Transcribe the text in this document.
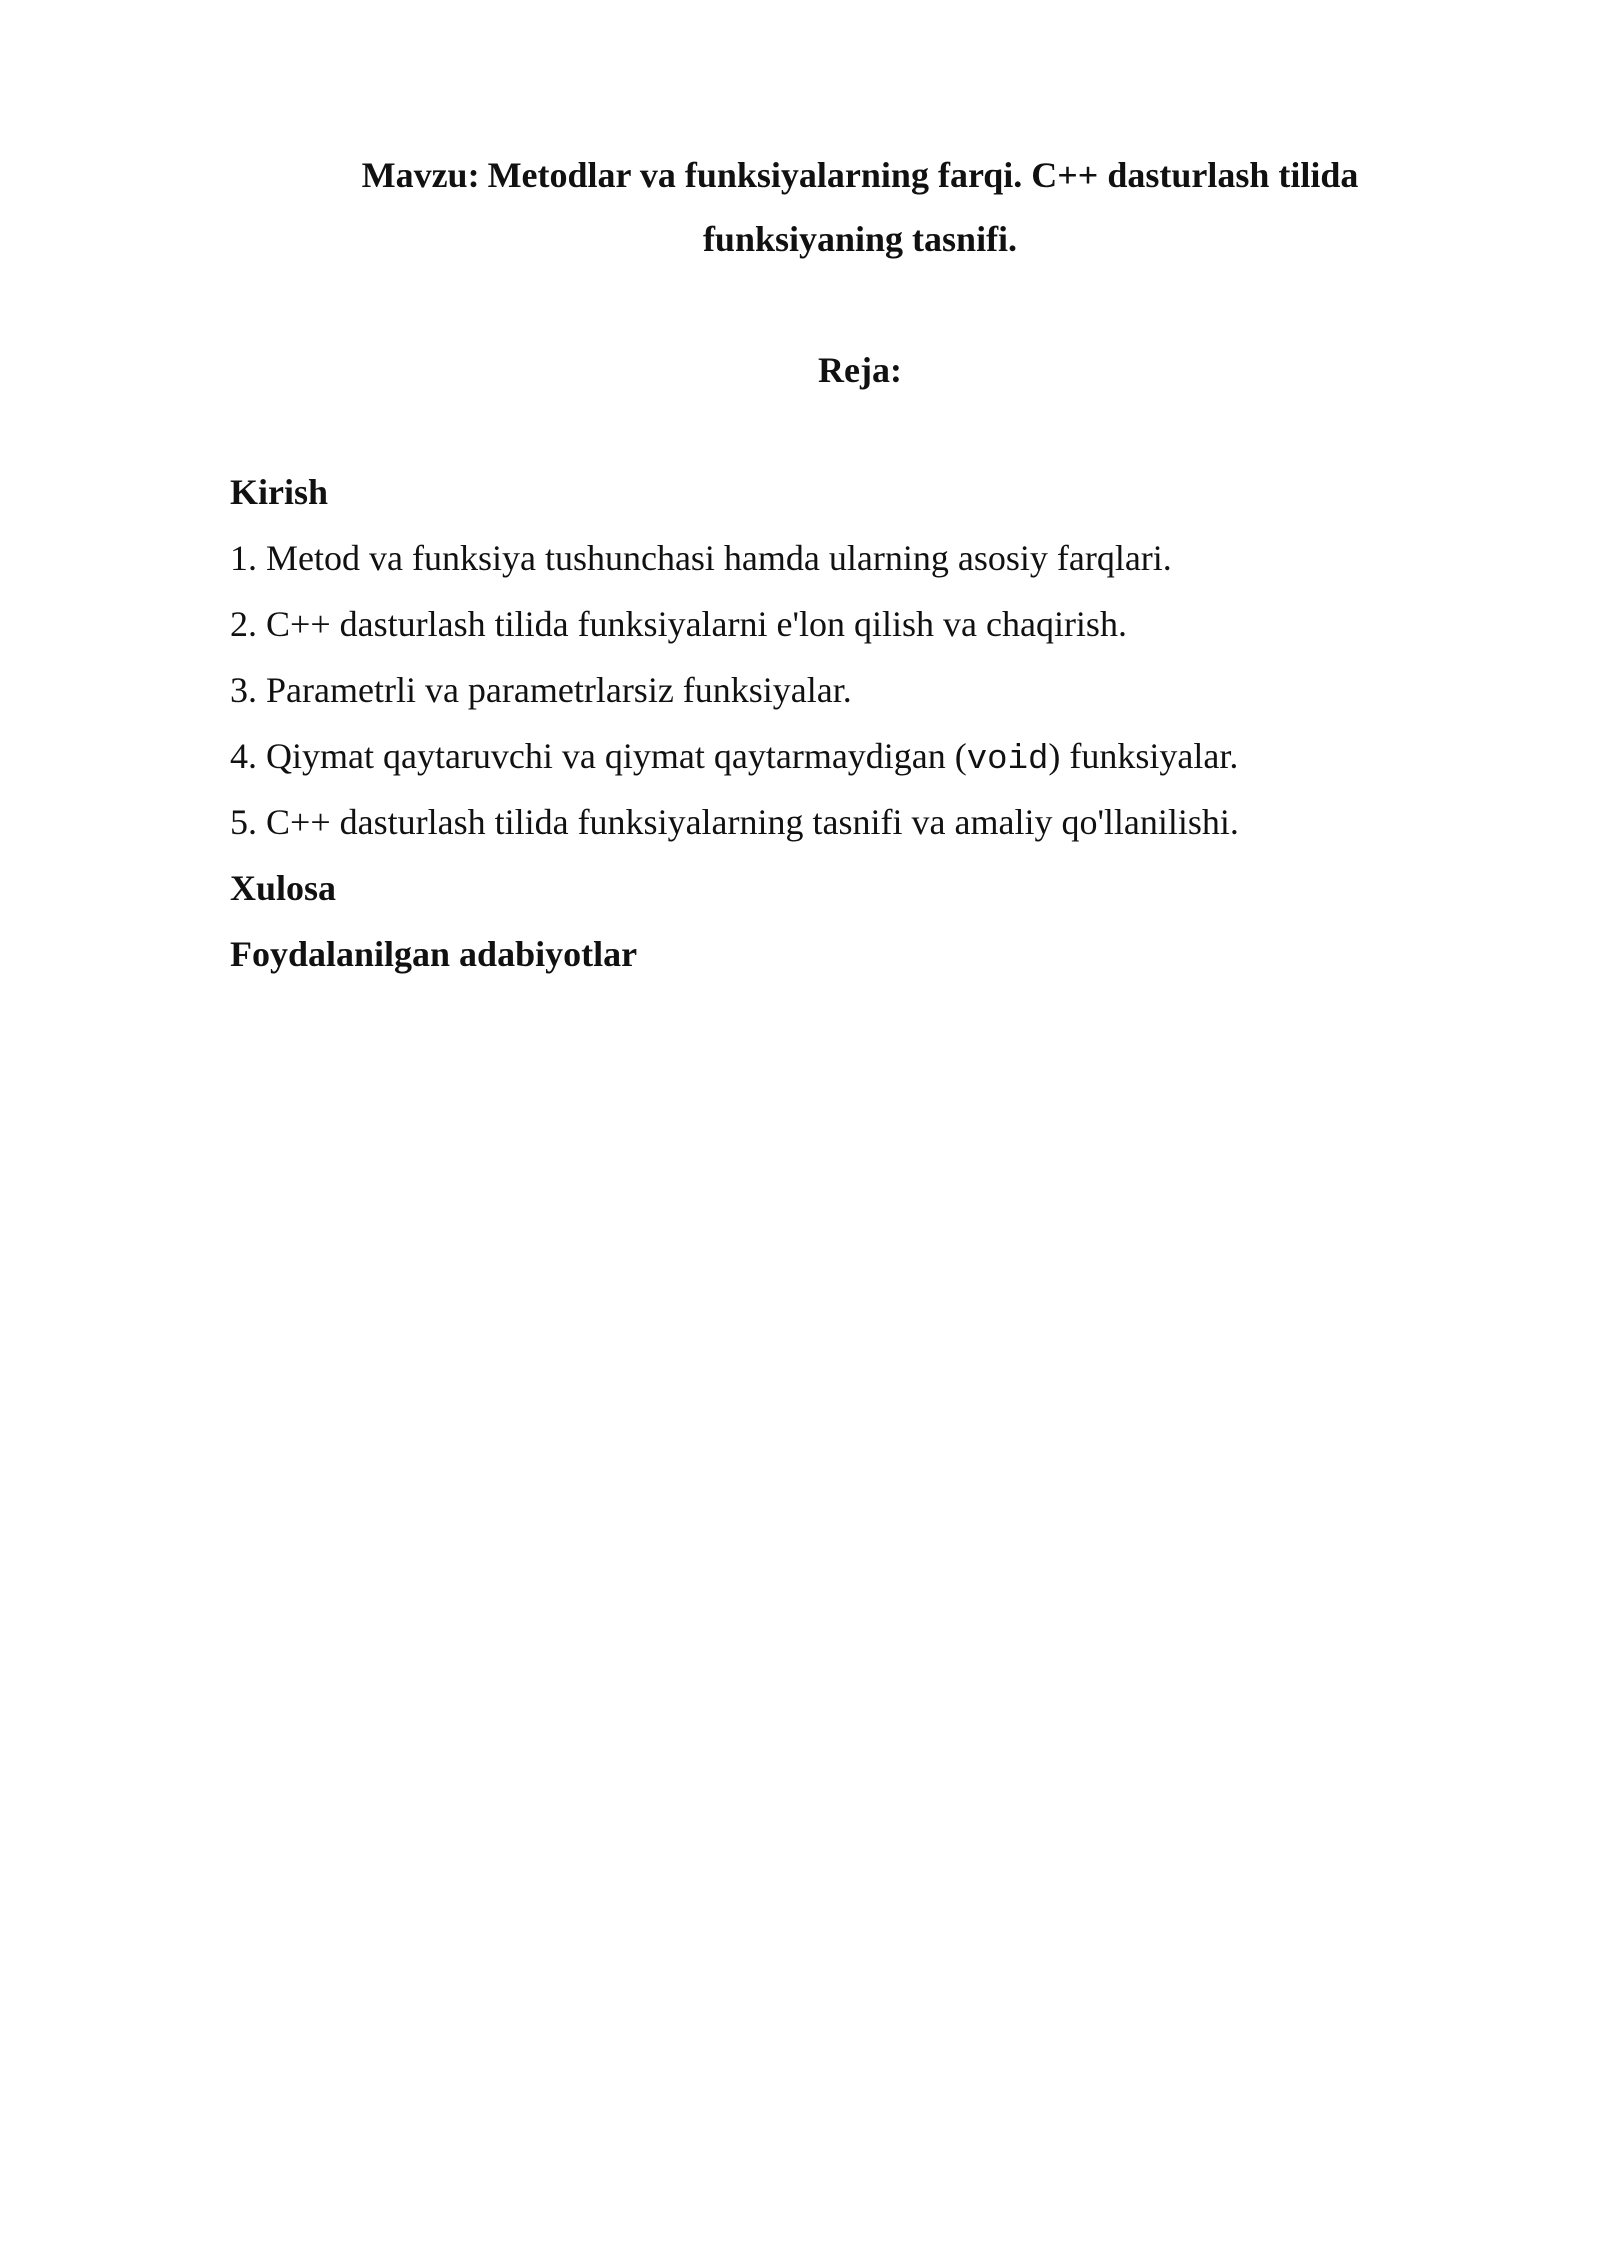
Mavzu: Metodlar va funksiyalarning farqi. C++ dasturlash tilida
funksiyaning tasnifi.
Reja:
Kirish
1. Metod va funksiya tushunchasi hamda ularning asosiy farqlari.
2. C++ dasturlash tilida funksiyalarni e'lon qilish va chaqirish.
3. Parametrli va parametrlarsiz funksiyalar.
4. Qiymat qaytaruvchi va qiymat qaytarmaydigan (void) funksiyalar.
5. C++ dasturlash tilida funksiyalarning tasnifi va amaliy qo'llanilishi.
Xulosa
Foydalanilgan adabiyotlar
